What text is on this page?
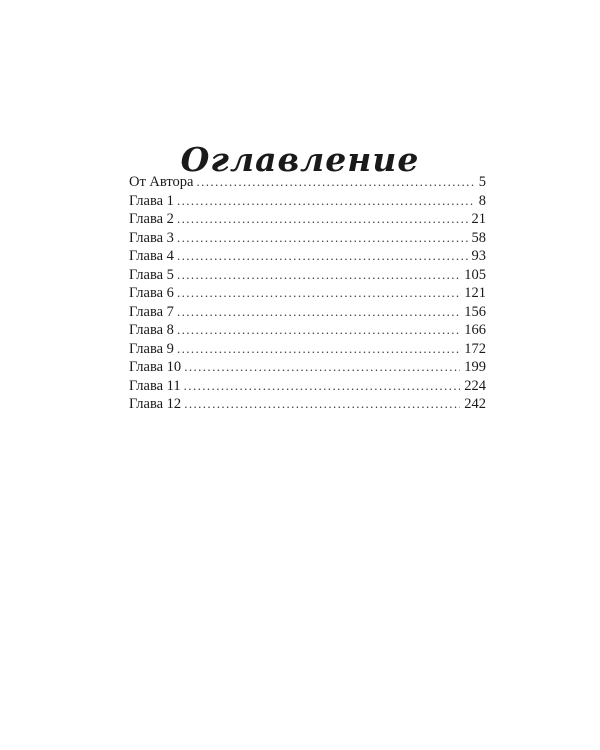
Оглавление
От Автора .....	5
Глава 1 .....	8
Глава 2 .....	21
Глава 3 .....	58
Глава 4 .....	93
Глава 5 .....	105
Глава 6 .....	121
Глава 7 .....	156
Глава 8 .....	166
Глава 9 .....	172
Глава 10 .....	199
Глава 11 .....	224
Глава 12 .....	242
